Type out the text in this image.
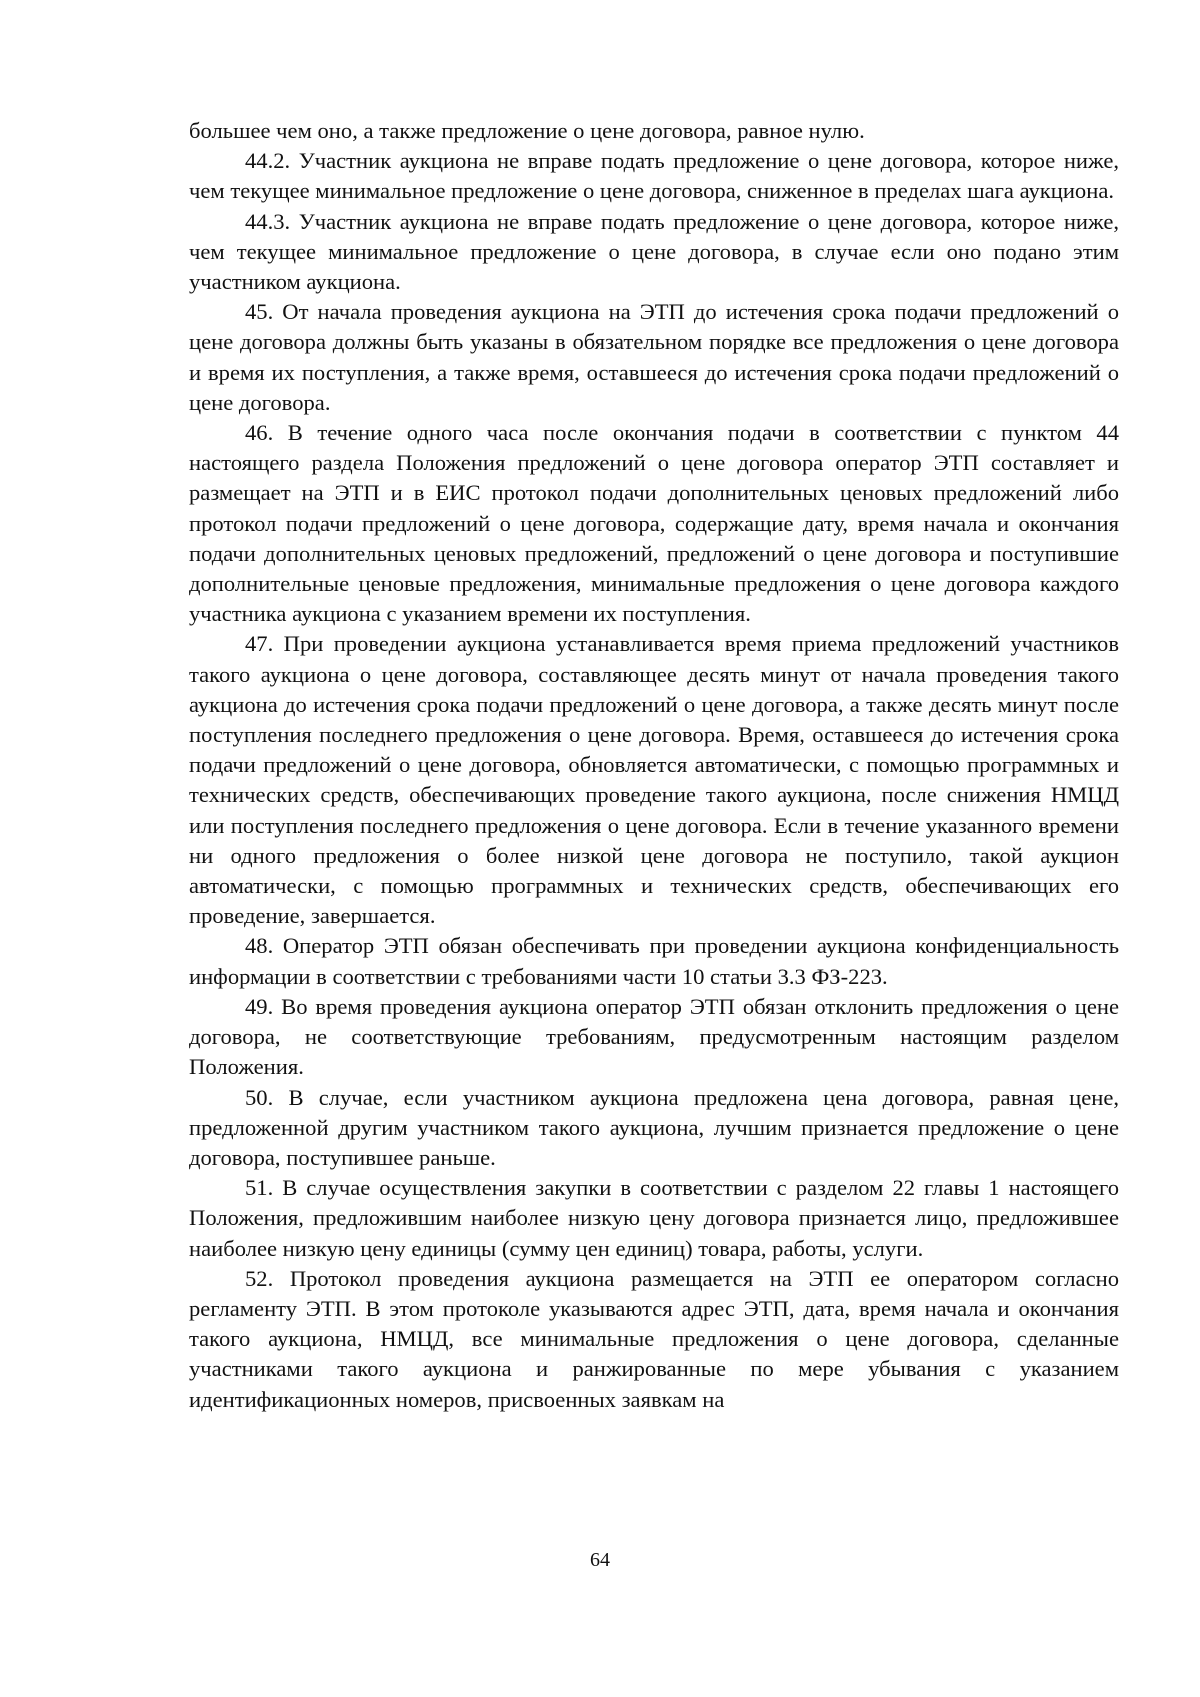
большее чем оно, а также предложение о цене договора, равное нулю.

44.2. Участник аукциона не вправе подать предложение о цене договора, которое ниже, чем текущее минимальное предложение о цене договора, сниженное в пределах шага аукциона.

44.3. Участник аукциона не вправе подать предложение о цене договора, которое ниже, чем текущее минимальное предложение о цене договора, в случае если оно подано этим участником аукциона.

45. От начала проведения аукциона на ЭТП до истечения срока подачи предложений о цене договора должны быть указаны в обязательном порядке все предложения о цене договора и время их поступления, а также время, оставшееся до истечения срока подачи предложений о цене договора.

46. В течение одного часа после окончания подачи в соответствии с пунктом 44 настоящего раздела Положения предложений о цене договора оператор ЭТП составляет и размещает на ЭТП и в ЕИС протокол подачи дополнительных ценовых предложений либо протокол подачи предложений о цене договора, содержащие дату, время начала и окончания подачи дополнительных ценовых предложений, предложений о цене договора и поступившие дополнительные ценовые предложения, минимальные предложения о цене договора каждого участника аукциона с указанием времени их поступления.

47. При проведении аукциона устанавливается время приема предложений участников такого аукциона о цене договора, составляющее десять минут от начала проведения такого аукциона до истечения срока подачи предложений о цене договора, а также десять минут после поступления последнего предложения о цене договора. Время, оставшееся до истечения срока подачи предложений о цене договора, обновляется автоматически, с помощью программных и технических средств, обеспечивающих проведение такого аукциона, после снижения НМЦД или поступления последнего предложения о цене договора. Если в течение указанного времени ни одного предложения о более низкой цене договора не поступило, такой аукцион автоматически, с помощью программных и технических средств, обеспечивающих его проведение, завершается.

48. Оператор ЭТП обязан обеспечивать при проведении аукциона конфиденциальность информации в соответствии с требованиями части 10 статьи 3.3 ФЗ-223.

49. Во время проведения аукциона оператор ЭТП обязан отклонить предложения о цене договора, не соответствующие требованиям, предусмотренным настоящим разделом Положения.

50. В случае, если участником аукциона предложена цена договора, равная цене, предложенной другим участником такого аукциона, лучшим признается предложение о цене договора, поступившее раньше.

51. В случае осуществления закупки в соответствии с разделом 22 главы 1 настоящего Положения, предложившим наиболее низкую цену договора признается лицо, предложившее наиболее низкую цену единицы (сумму цен единиц) товара, работы, услуги.

52. Протокол проведения аукциона размещается на ЭТП ее оператором согласно регламенту ЭТП. В этом протоколе указываются адрес ЭТП, дата, время начала и окончания такого аукциона, НМЦД, все минимальные предложения о цене договора, сделанные участниками такого аукциона и ранжированные по мере убывания с указанием идентификационных номеров, присвоенных заявкам на

64
